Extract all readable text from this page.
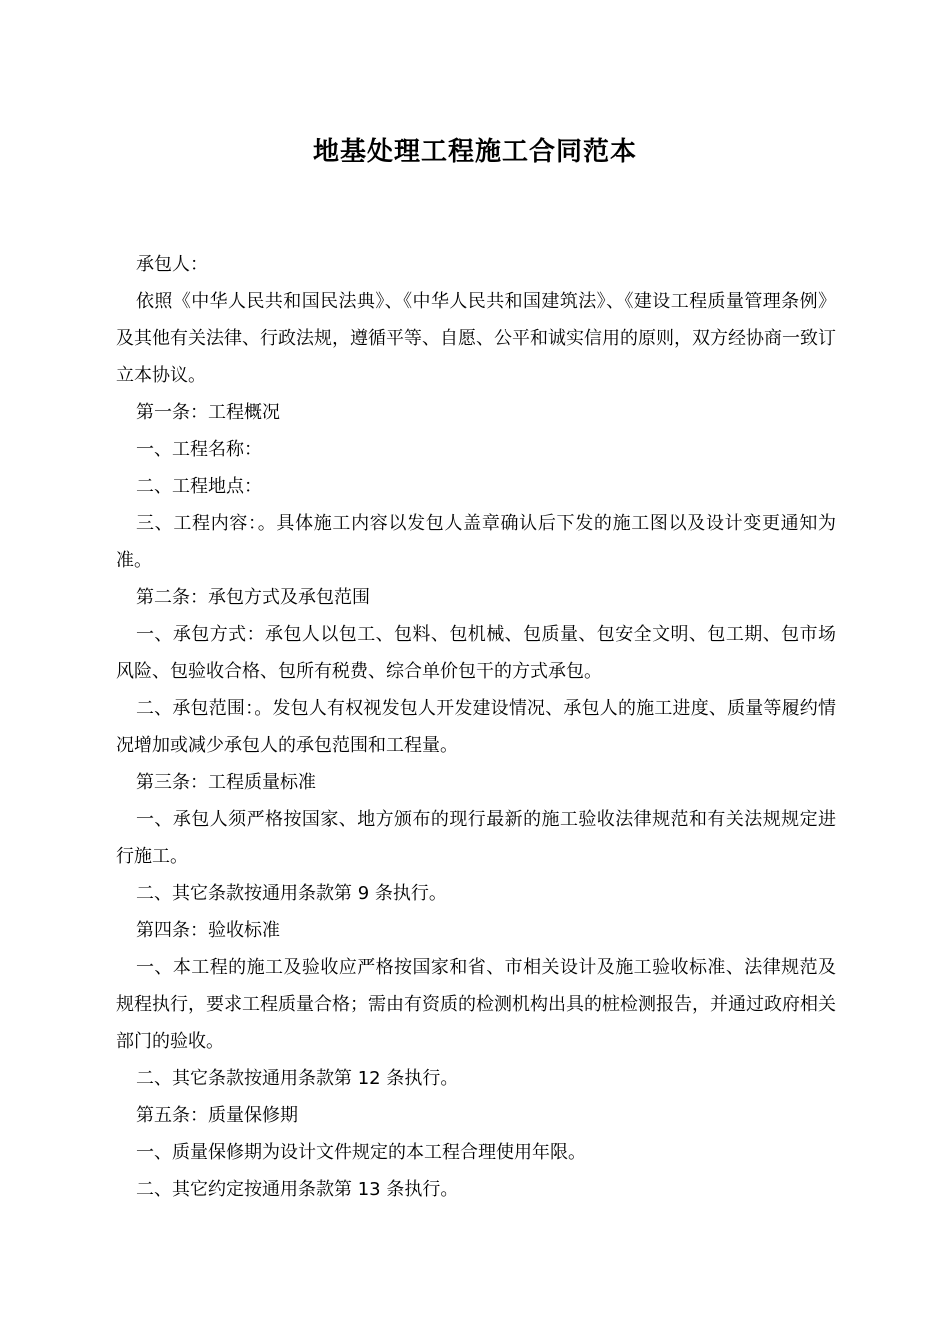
地基处理工程施工合同范本

承包人：

依照《中华人民共和国民法典》、《中华人民共和国建筑法》、《建设工程质量管理条例》及其他有关法律、行政法规，遵循平等、自愿、公平和诚实信用的原则，双方经协商一致订立本协议。

第一条：工程概况

一、工程名称：

二、工程地点：

三、工程内容：。具体施工内容以发包人盖章确认后下发的施工图以及设计变更通知为准。

第二条：承包方式及承包范围

一、承包方式：承包人以包工、包料、包机械、包质量、包安全文明、包工期、包市场风险、包验收合格、包所有税费、综合单价包干的方式承包。

二、承包范围：。发包人有权视发包人开发建设情况、承包人的施工进度、质量等履约情况增加或减少承包人的承包范围和工程量。

第三条：工程质量标准

一、承包人须严格按国家、地方颁布的现行最新的施工验收法律规范和有关法规规定进行施工。

二、其它条款按通用条款第 9 条执行。

第四条：验收标准

一、本工程的施工及验收应严格按国家和省、市相关设计及施工验收标准、法律规范及规程执行，要求工程质量合格；需由有资质的检测机构出具的桩检测报告，并通过政府相关部门的验收。

二、其它条款按通用条款第 12 条执行。

第五条：质量保修期

一、质量保修期为设计文件规定的本工程合理使用年限。

二、其它约定按通用条款第 13 条执行。
